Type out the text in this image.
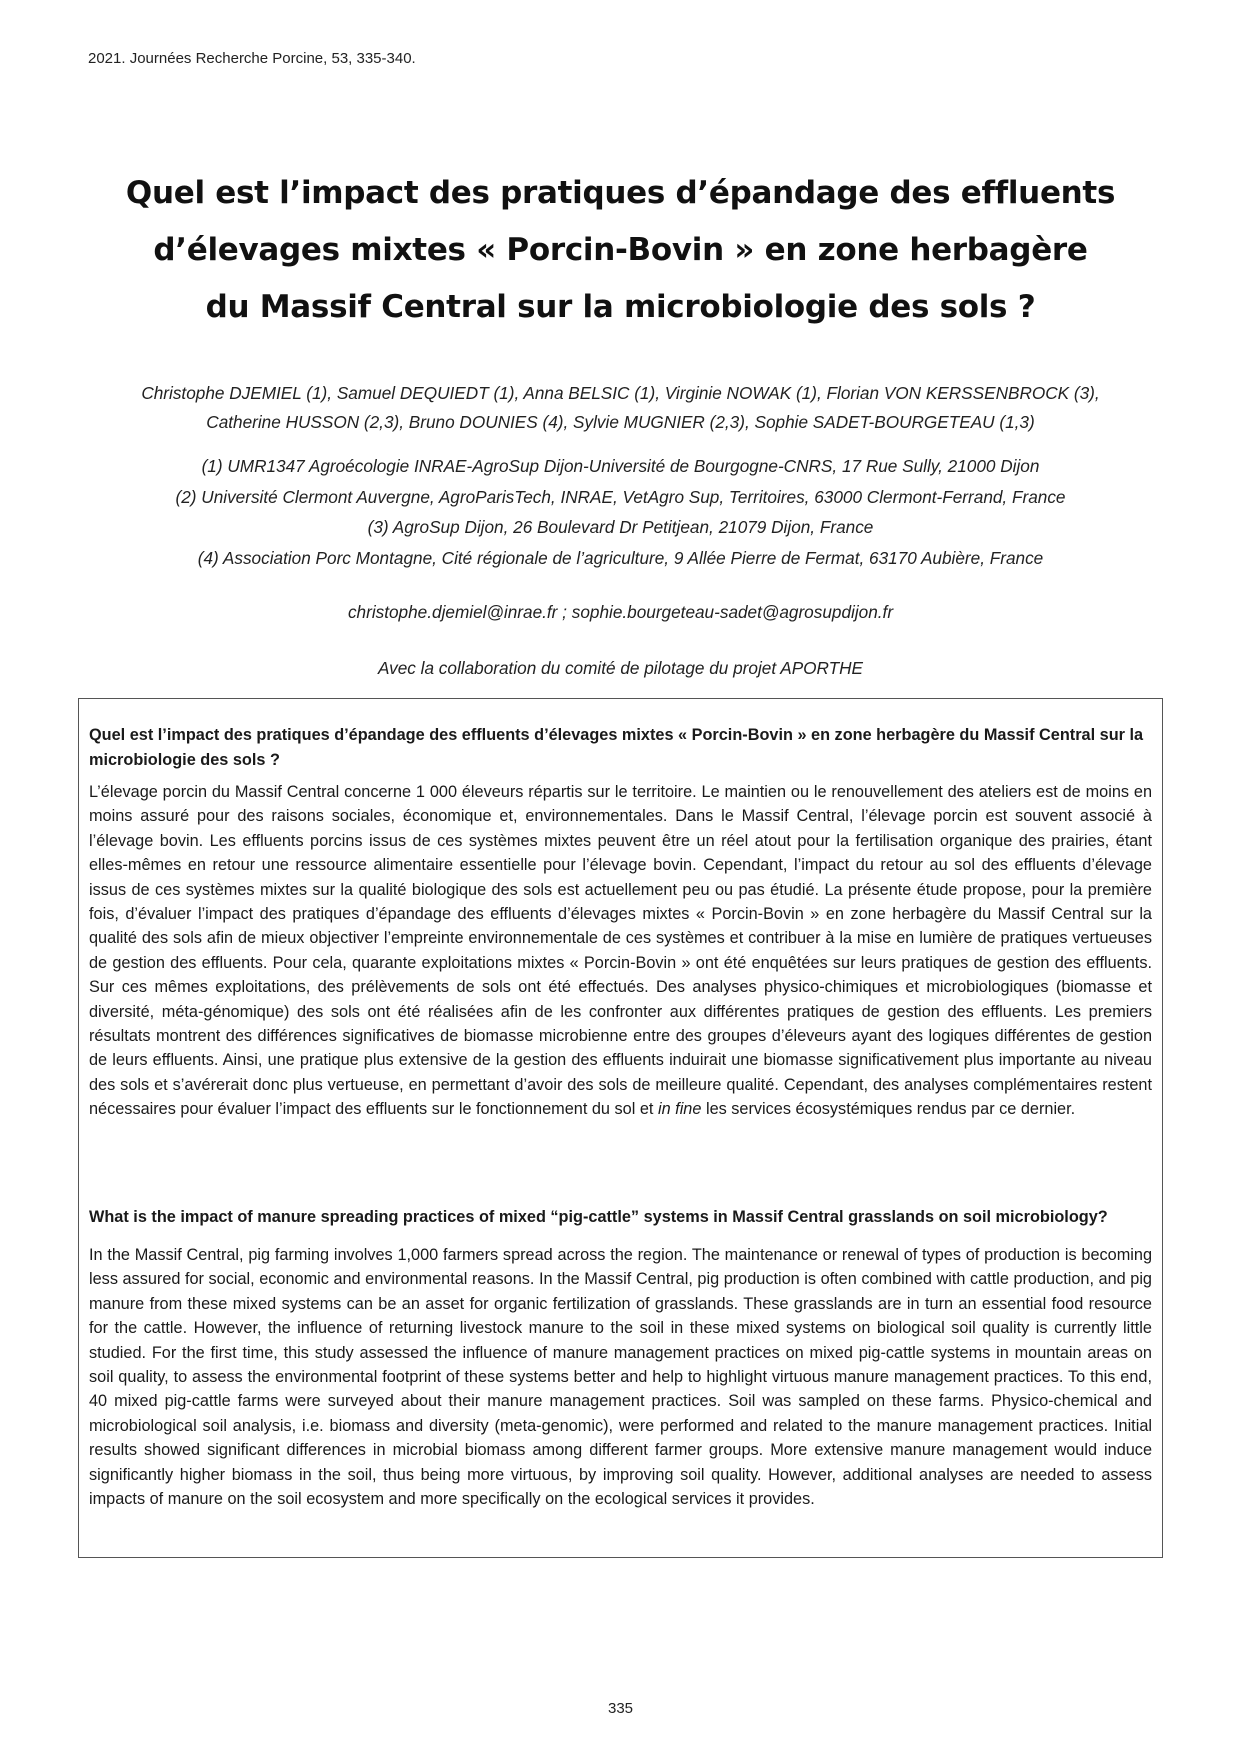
2021. Journées Recherche Porcine, 53, 335-340.
Quel est l’impact des pratiques d’épandage des effluents
d’élevages mixtes « Porcin-Bovin » en zone herbagère
du Massif Central sur la microbiologie des sols ?
Christophe DJEMIEL (1), Samuel DEQUIEDT (1), Anna BELSIC (1), Virginie NOWAK (1), Florian VON KERSSENBROCK (3),
Catherine HUSSON (2,3), Bruno DOUNIES (4), Sylvie MUGNIER (2,3), Sophie SADET-BOURGETEAU (1,3)
(1) UMR1347 Agroécologie INRAE-AgroSup Dijon-Université de Bourgogne-CNRS, 17 Rue Sully, 21000 Dijon
(2) Université Clermont Auvergne, AgroParisTech, INRAE, VetAgro Sup, Territoires, 63000 Clermont-Ferrand, France
(3) AgroSup Dijon, 26 Boulevard Dr Petitjean, 21079 Dijon, France
(4) Association Porc Montagne, Cité régionale de l’agriculture, 9 Allée Pierre de Fermat, 63170 Aubière, France
christophe.djemiel@inrae.fr ; sophie.bourgeteau-sadet@agrosupdijon.fr
Avec la collaboration du comité de pilotage du projet APORTHE

Quel est l’impact des pratiques d’épandage des effluents d’élevages mixtes « Porcin-Bovin » en zone herbagère du Massif Central sur la microbiologie des sols ?

L’élevage porcin du Massif Central concerne 1 000 éleveurs répartis sur le territoire. Le maintien ou le renouvellement des ateliers est de moins en moins assuré pour des raisons sociales, économique et, environnementales. Dans le Massif Central, l’élevage porcin est souvent associé à l’élevage bovin. Les effluents porcins issus de ces systèmes mixtes peuvent être un réel atout pour la fertilisation organique des prairies, étant elles-mêmes en retour une ressource alimentaire essentielle pour l’élevage bovin. Cependant, l’impact du retour au sol des effluents d’élevage issus de ces systèmes mixtes sur la qualité biologique des sols est actuellement peu ou pas étudié. La présente étude propose, pour la première fois, d’évaluer l’impact des pratiques d’épandage des effluents d’élevages mixtes « Porcin-Bovin » en zone herbagère du Massif Central sur la qualité des sols afin de mieux objectiver l’empreinte environnementale de ces systèmes et contribuer à la mise en lumière de pratiques vertueuses de gestion des effluents. Pour cela, quarante exploitations mixtes « Porcin-Bovin » ont été enquêtées sur leurs pratiques de gestion des effluents. Sur ces mêmes exploitations, des prélèvements de sols ont été effectués. Des analyses physico-chimiques et microbiologiques (biomasse et diversité, méta-génomique) des sols ont été réalisées afin de les confronter aux différentes pratiques de gestion des effluents. Les premiers résultats montrent des différences significatives de biomasse microbienne entre des groupes d’éleveurs ayant des logiques différentes de gestion de leurs effluents. Ainsi, une pratique plus extensive de la gestion des effluents induirait une biomasse significativement plus importante au niveau des sols et s’avérerait donc plus vertueuse, en permettant d’avoir des sols de meilleure qualité. Cependant, des analyses complémentaires restent nécessaires pour évaluer l’impact des effluents sur le fonctionnement du sol et in fine les services écosystémiques rendus par ce dernier.

What is the impact of manure spreading practices of mixed “pig-cattle” systems in Massif Central grasslands on soil microbiology?

In the Massif Central, pig farming involves 1,000 farmers spread across the region. The maintenance or renewal of types of production is becoming less assured for social, economic and environmental reasons. In the Massif Central, pig production is often combined with cattle production, and pig manure from these mixed systems can be an asset for organic fertilization of grasslands. These grasslands are in turn an essential food resource for the cattle. However, the influence of returning livestock manure to the soil in these mixed systems on biological soil quality is currently little studied. For the first time, this study assessed the influence of manure management practices on mixed pig-cattle systems in mountain areas on soil quality, to assess the environmental footprint of these systems better and help to highlight virtuous manure management practices. To this end, 40 mixed pig-cattle farms were surveyed about their manure management practices. Soil was sampled on these farms. Physico-chemical and microbiological soil analysis, i.e. biomass and diversity (meta-genomic), were performed and related to the manure management practices. Initial results showed significant differences in microbial biomass among different farmer groups. More extensive manure management would induce significantly higher biomass in the soil, thus being more virtuous, by improving soil quality. However, additional analyses are needed to assess impacts of manure on the soil ecosystem and more specifically on the ecological services it provides.

335
